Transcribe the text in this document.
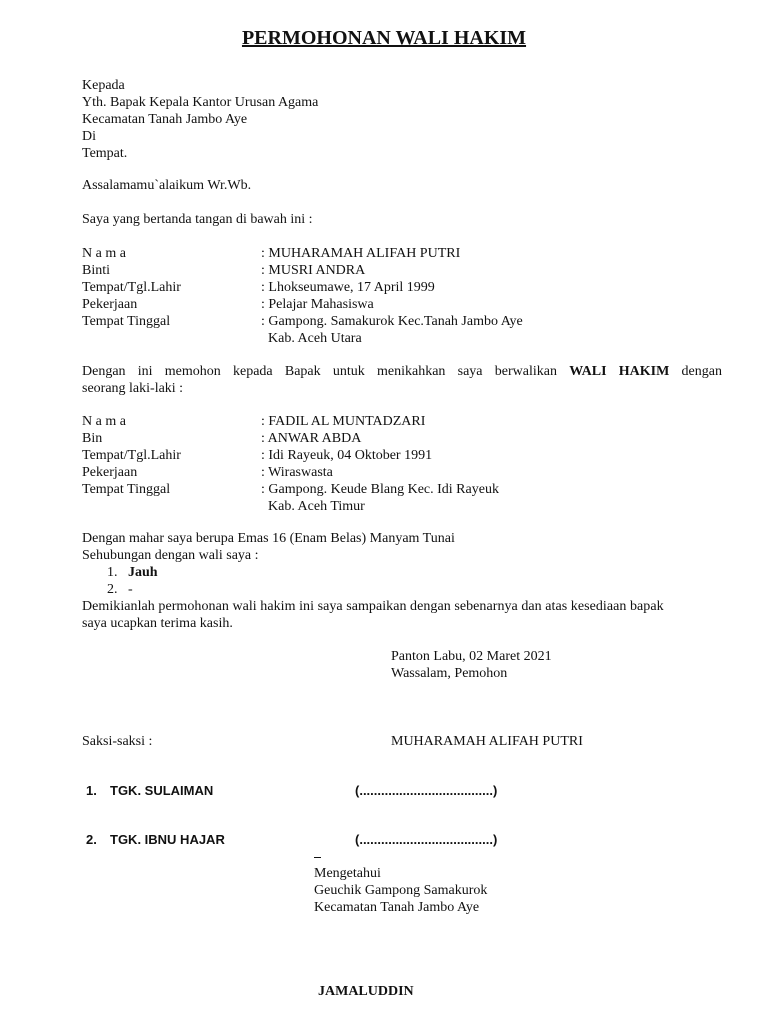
PERMOHONAN WALI HAKIM
Kepada
Yth. Bapak Kepala Kantor Urusan Agama
Kecamatan Tanah Jambo Aye
Di
Tempat.
Assalamamu`alaikum Wr.Wb.
Saya yang bertanda tangan di bawah ini :
N a m a	: MUHARAMAH ALIFAH PUTRI
Binti	: MUSRI ANDRA
Tempat/Tgl.Lahir	: Lhokseumawe, 17 April 1999
Pekerjaan	: Pelajar Mahasiswa
Tempat Tinggal	: Gampong. Samakurok Kec.Tanah Jambo Aye
Kab. Aceh Utara
Dengan ini memohon kepada Bapak untuk menikahkan saya berwalikan WALI HAKIM dengan
seorang laki-laki :
N a m a	: FADIL AL MUNTADZARI
Bin	: ANWAR ABDA
Tempat/Tgl.Lahir	: Idi Rayeuk, 04 Oktober 1991
Pekerjaan	: Wiraswasta
Tempat Tinggal	: Gampong. Keude Blang Kec. Idi Rayeuk
Kab. Aceh Timur
Dengan mahar saya berupa Emas 16 (Enam Belas) Manyam Tunai
Sehubungan dengan wali saya :
1. Jauh
2. -
Demikianlah permohonan wali hakim ini saya sampaikan dengan sebenarnya dan atas kesediaan bapak
saya ucapkan terima kasih.
Panton Labu, 02 Maret 2021
Wassalam, Pemohon
Saksi-saksi :	MUHARAMAH ALIFAH PUTRI
1. TGK. SULAIMAN	(.....................................)
2. TGK. IBNU HAJAR	(.....................................)
Mengetahui
Geuchik Gampong Samakurok
Kecamatan Tanah Jambo Aye
JAMALUDDIN
